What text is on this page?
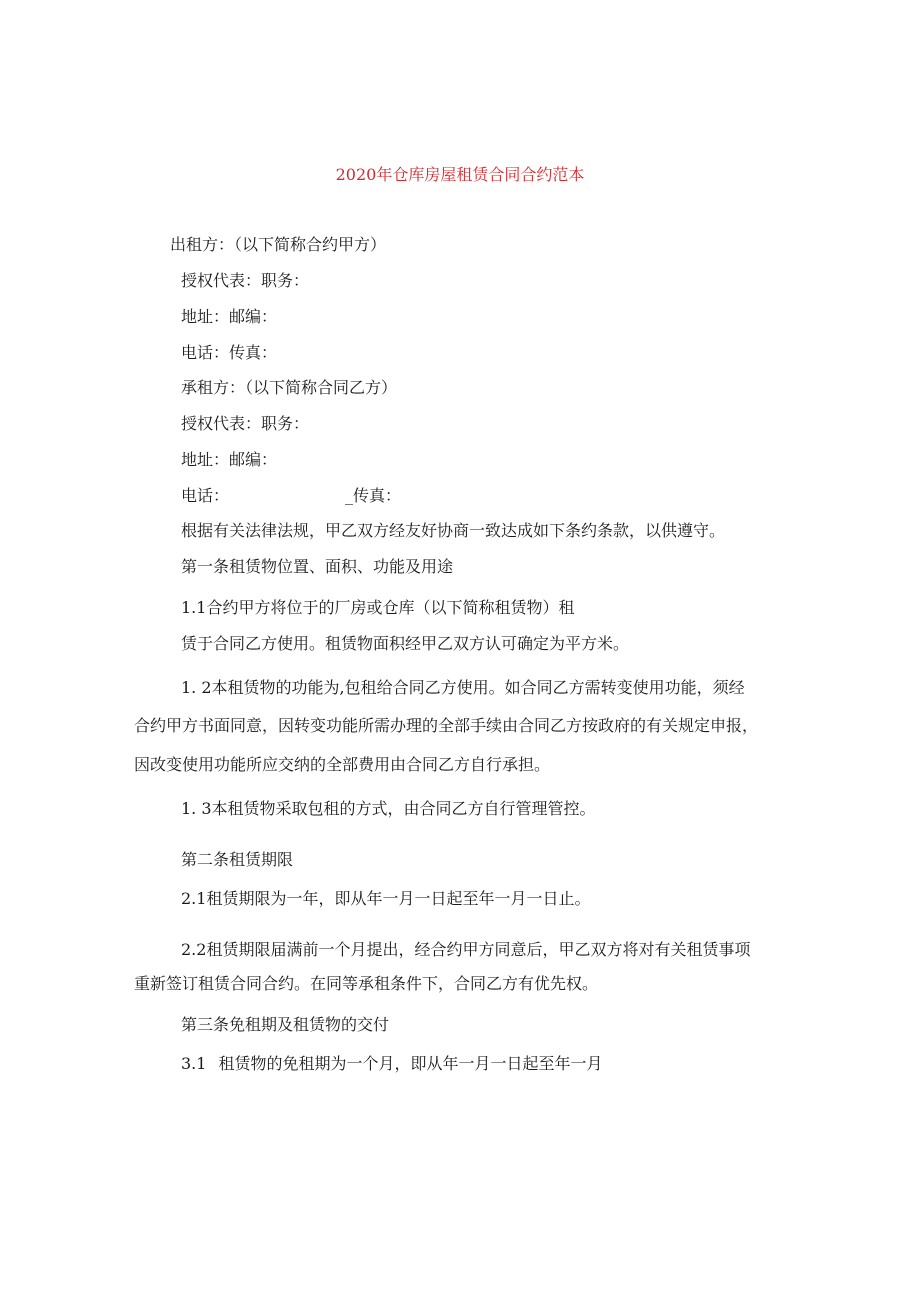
2020年仓库房屋租赁合同合约范本
出租方：（以下简称合约甲方）
授权代表：职务：
地址：邮编：
电话：传真：
承租方：（以下简称合同乙方）
授权代表：职务：
地址：邮编：
电话：	_传真：
根据有关法律法规，甲乙双方经友好协商一致达成如下条约条款，以供遵守。
第一条租赁物位置、面积、功能及用途
1.1合约甲方将位于的厂房或仓库（以下简称租赁物）租
赁于合同乙方使用。租赁物面积经甲乙双方认可确定为平方米。
1. 2本租赁物的功能为,包租给合同乙方使用。如合同乙方需转变使用功能，须经
合约甲方书面同意，因转变功能所需办理的全部手续由合同乙方按政府的有关规定申报，
因改变使用功能所应交纳的全部费用由合同乙方自行承担。
1. 3本租赁物采取包租的方式，由合同乙方自行管理管控。
第二条租赁期限
2.1租赁期限为一年，即从年一月一日起至年一月一日止。
2.2租赁期限届满前一个月提出，经合约甲方同意后，甲乙双方将对有关租赁事项
重新签订租赁合同合约。在同等承租条件下，合同乙方有优先权。
第三条免租期及租赁物的交付
3.1 租赁物的免租期为一个月，即从年一月一日起至年一月
